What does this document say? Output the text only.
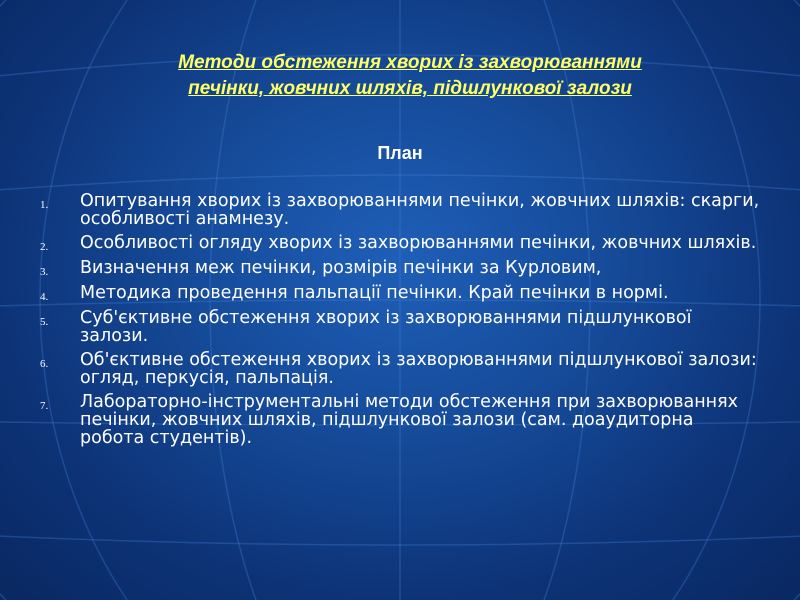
Методи обстеження хворих із захворюваннями
печінки, жовчних шляхів, підшлункової залози
План
1.	Опитування хворих із захворюваннями печінки, жовчних шляхів: скарги, особливості анамнезу.
2.	Особливості огляду хворих із захворюваннями печінки, жовчних шляхів.
3.	Визначення меж печінки, розмірів печінки за Курловим,
4.	Методика проведення пальпації печінки. Край печінки в нормі.
5.	Суб'єктивне обстеження хворих із захворюваннями підшлункової залози.
6.	Об'єктивне обстеження хворих із захворюваннями підшлункової залози: огляд, перкусія, пальпація.
7.	Лабораторно-інструментальні методи обстеження при захворюваннях печінки, жовчних шляхів, підшлункової залози (сам. доаудиторна робота студентів).
